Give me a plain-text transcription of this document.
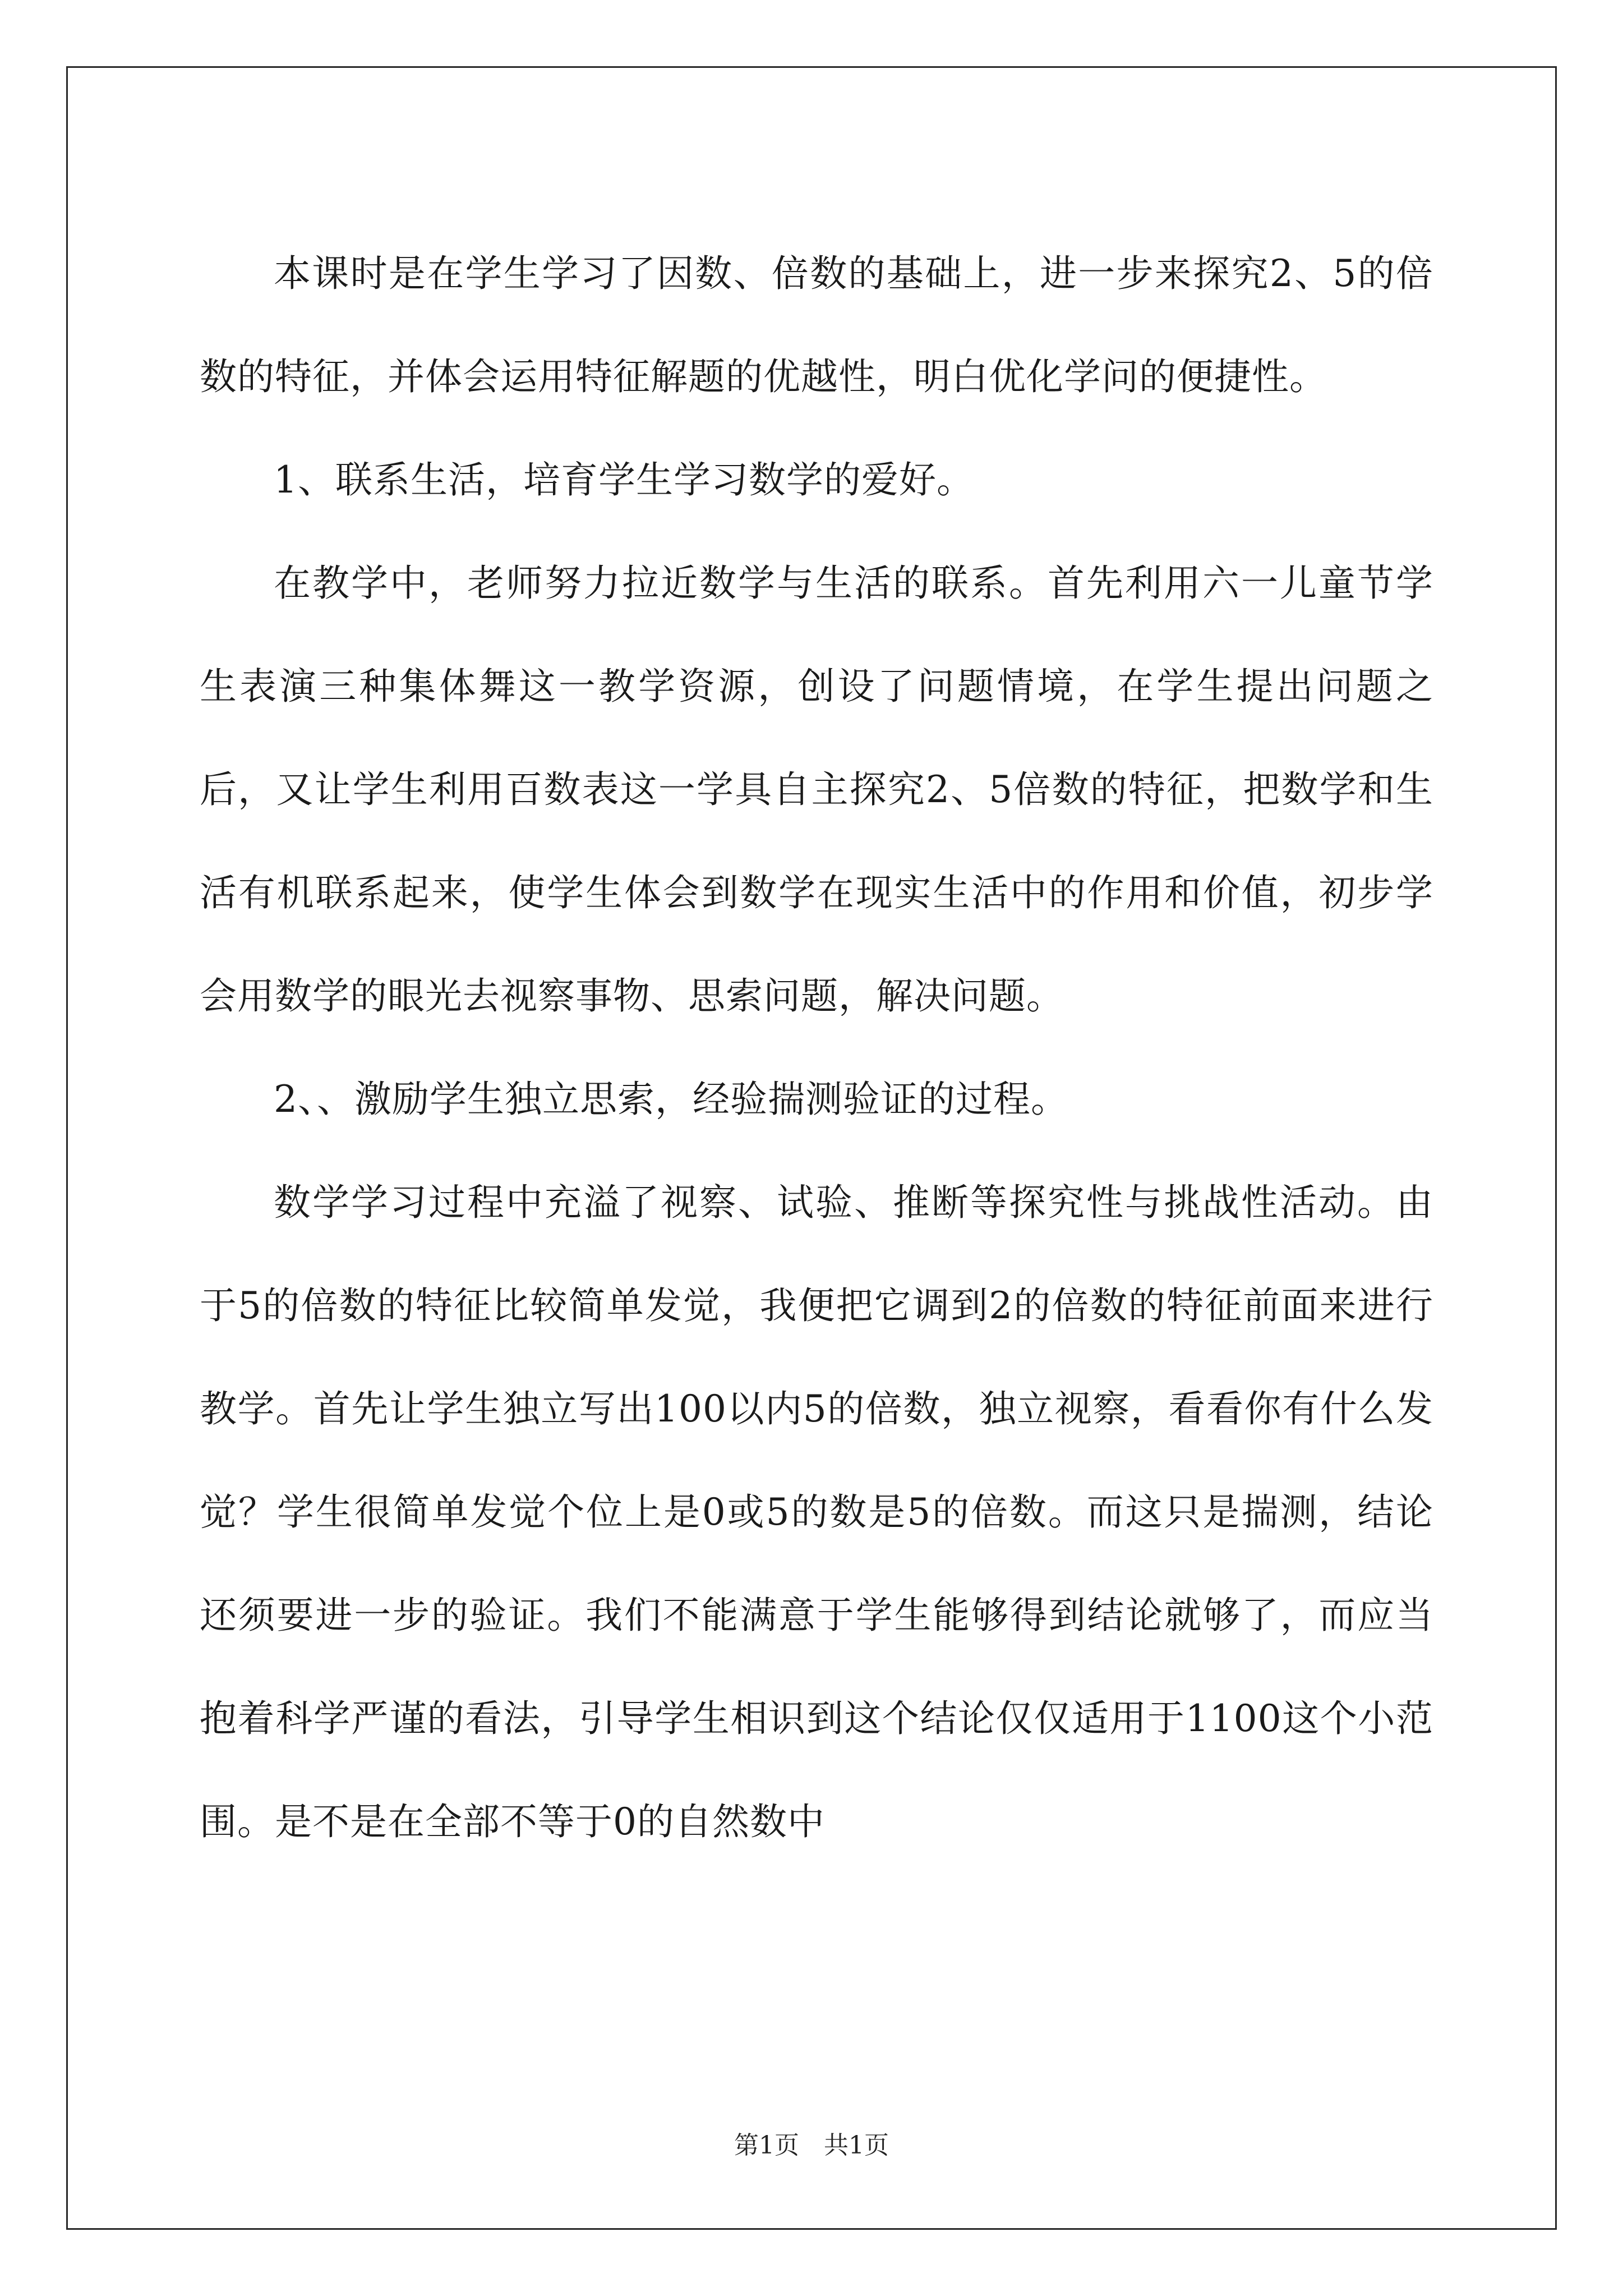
本课时是在学生学习了因数、倍数的基础上，进一步来探究2、5的倍数的特征，并体会运用特征解题的优越性，明白优化学问的便捷性。

1、联系生活，培育学生学习数学的爱好。

在教学中，老师努力拉近数学与生活的联系。首先利用六一儿童节学生表演三种集体舞这一教学资源，创设了问题情境，在学生提出问题之后，又让学生利用百数表这一学具自主探究2、5倍数的特征，把数学和生活有机联系起来，使学生体会到数学在现实生活中的作用和价值，初步学会用数学的眼光去视察事物、思索问题，解决问题。

2、、激励学生独立思索，经验揣测验证的过程。

数学学习过程中充溢了视察、试验、推断等探究性与挑战性活动。由于5的倍数的特征比较简单发觉，我便把它调到2的倍数的特征前面来进行教学。首先让学生独立写出100以内5的倍数，独立视察，看看你有什么发觉？学生很简单发觉个位上是0或5的数是5的倍数。而这只是揣测，结论还须要进一步的验证。我们不能满意于学生能够得到结论就够了，而应当抱着科学严谨的看法，引导学生相识到这个结论仅仅适用于1100这个小范围。是不是在全部不等于0的自然数中

第1页 共1页
